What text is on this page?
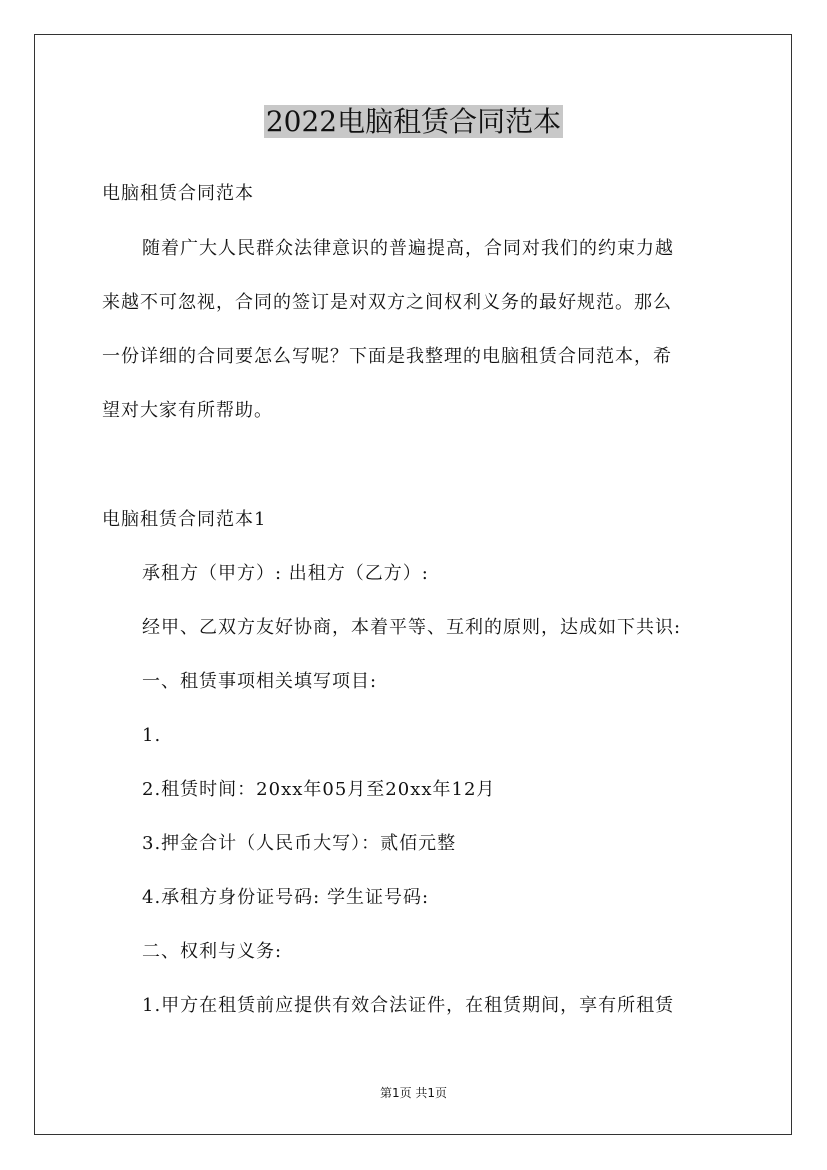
2022电脑租赁合同范本

电脑租赁合同范本

随着广大人民群众法律意识的普遍提高，合同对我们的约束力越

来越不可忽视，合同的签订是对双方之间权利义务的最好规范。那么

一份详细的合同要怎么写呢？下面是我整理的电脑租赁合同范本，希

望对大家有所帮助。

电脑租赁合同范本1

承租方（甲方）: 出租方（乙方）:

经甲、乙双方友好协商，本着平等、互利的原则，达成如下共识:

一、租赁事项相关填写项目:

1.

2.租赁时间：20xx年05月至20xx年12月

3.押金合计（人民币大写）：贰佰元整

4.承租方身份证号码: 学生证号码:

二、权利与义务:

1.甲方在租赁前应提供有效合法证件，在租赁期间，享有所租赁

第1页 共1页
